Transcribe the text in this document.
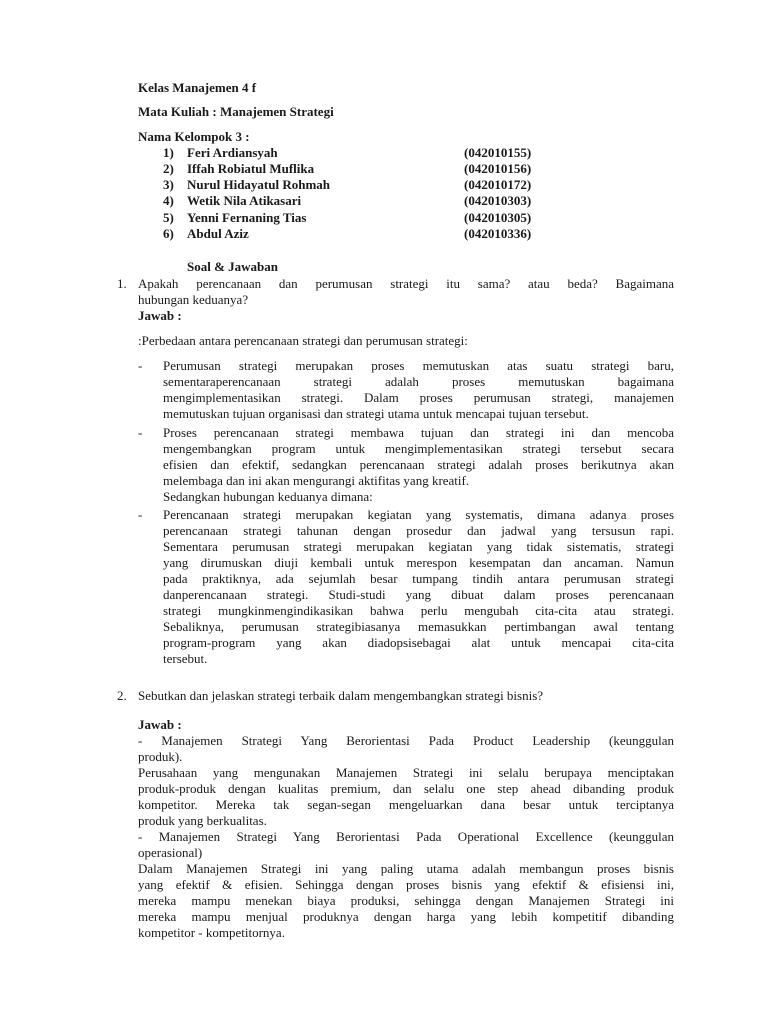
Kelas Manajemen 4 f
Mata Kuliah : Manajemen Strategi
Nama Kelompok 3 :
1) Feri Ardiansyah	(042010155)
2) Iffah Robiatul Muflika	(042010156)
3) Nurul Hidayatul Rohmah	(042010172)
4) Wetik Nila Atikasari	(042010303)
5) Yenni Fernaning Tias	(042010305)
6) Abdul Aziz	(042010336)
Soal & Jawaban
1. Apakah perencanaan dan perumusan strategi itu sama? atau beda? Bagaimana
hubungan keduanya?
Jawab :
:Perbedaan antara perencanaan strategi dan perumusan strategi:
- Perumusan strategi merupakan proses memutuskan atas suatu strategi baru,
sementaraperencanaan strategi adalah proses memutuskan bagaimana
mengimplementasikan strategi. Dalam proses perumusan strategi, manajemen
memutuskan tujuan organisasi dan strategi utama untuk mencapai tujuan tersebut.
- Proses perencanaan strategi membawa tujuan dan strategi ini dan mencoba
mengembangkan program untuk mengimplementasikan strategi tersebut secara
efisien dan efektif, sedangkan perencanaan strategi adalah proses berikutnya akan
melembaga dan ini akan mengurangi aktifitas yang kreatif.
Sedangkan hubungan keduanya dimana:
- Perencanaan strategi merupakan kegiatan yang systematis, dimana adanya proses
perencanaan strategi tahunan dengan prosedur dan jadwal yang tersusun rapi.
Sementara perumusan strategi merupakan kegiatan yang tidak sistematis, strategi
yang dirumuskan diuji kembali untuk merespon kesempatan dan ancaman. Namun
pada praktiknya, ada sejumlah besar tumpang tindih antara perumusan strategi
danperencanaan strategi. Studi-studi yang dibuat dalam proses perencanaan
strategi mungkinmengindikasikan bahwa perlu mengubah cita-cita atau strategi.
Sebaliknya, perumusan strategibiasanya memasukkan pertimbangan awal tentang
program-program yang akan diadopsisebagai alat untuk mencapai cita-cita
tersebut.
2. Sebutkan dan jelaskan strategi terbaik dalam mengembangkan strategi bisnis?
Jawab :
- Manajemen Strategi Yang Berorientasi Pada Product Leadership (keunggulan
produk).
Perusahaan yang mengunakan Manajemen Strategi ini selalu berupaya menciptakan
produk-produk dengan kualitas premium, dan selalu one step ahead dibanding produk
kompetitor. Mereka tak segan-segan mengeluarkan dana besar untuk terciptanya
produk yang berkualitas.
- Manajemen Strategi Yang Berorientasi Pada Operational Excellence (keunggulan
operasional)
Dalam Manajemen Strategi ini yang paling utama adalah membangun proses bisnis
yang efektif & efisien. Sehingga dengan proses bisnis yang efektif & efisiensi ini,
mereka mampu menekan biaya produksi, sehingga dengan Manajemen Strategi ini
mereka mampu menjual produknya dengan harga yang lebih kompetitif dibanding
kompetitor - kompetitornya.
